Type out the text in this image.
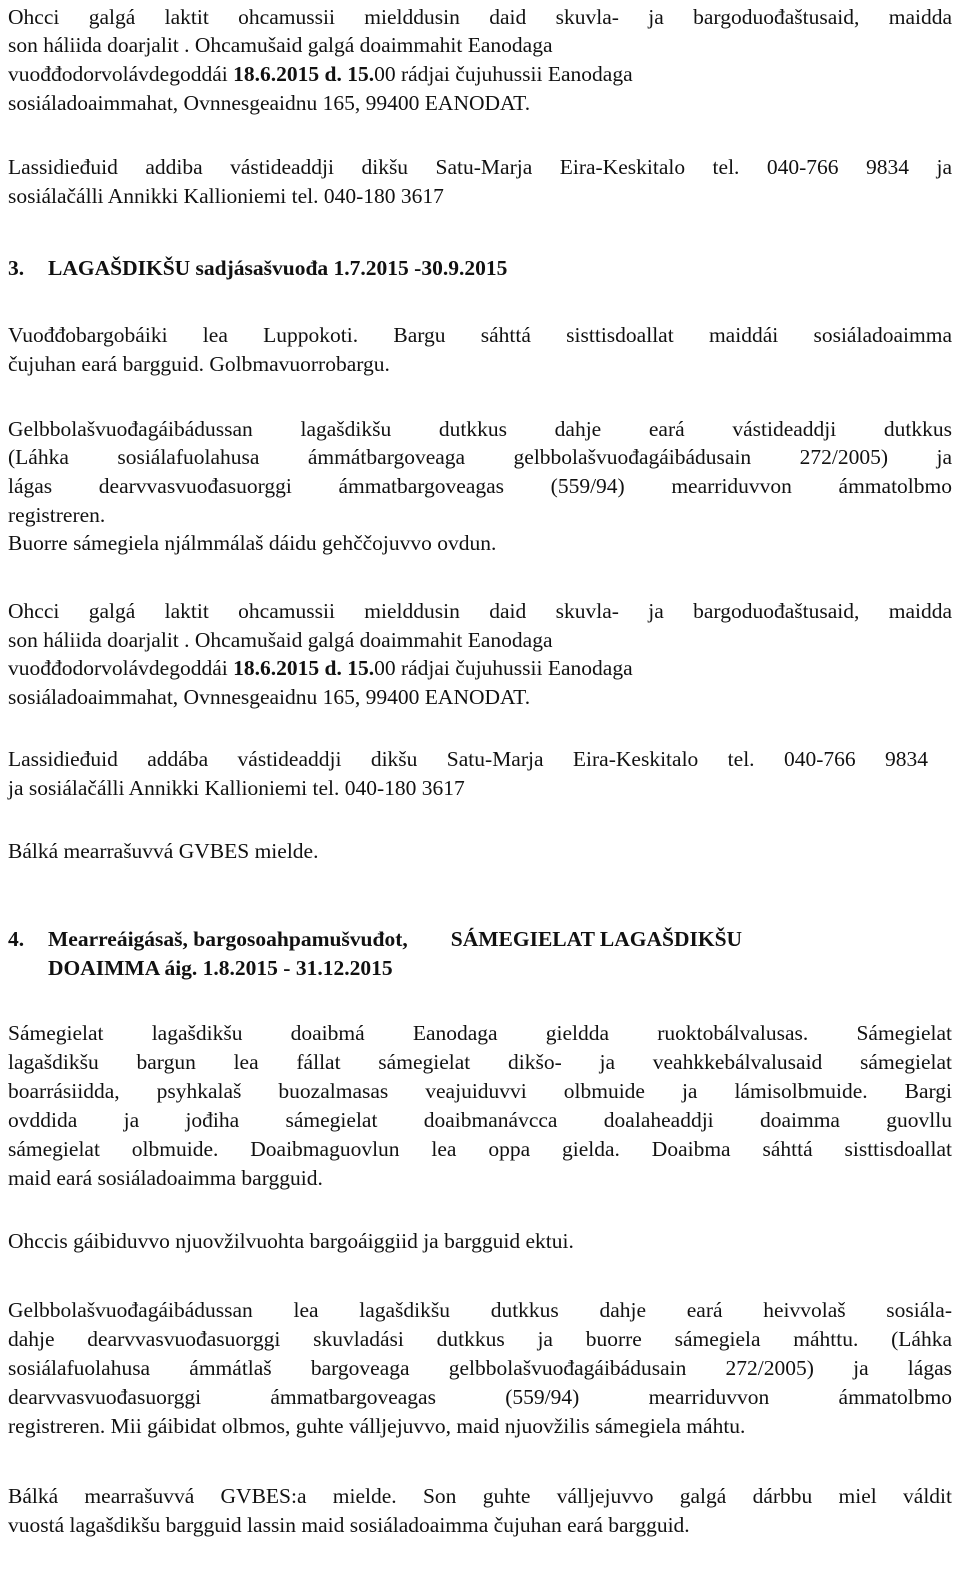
Ohcci galgá laktit ohcamussii mielddusin daid skuvla- ja bargoduođaštusaid, maidda
son háliida doarjalit . Ohcamušaid galgá doaimmahit Eanodaga
vuođđodorvolávdegoddái 18.6.2015 d. 15.00 rádjai čujuhussii Eanodaga
sosiáladoaimmahat, Ovnnesgeaidnu 165, 99400 EANODAT.
Lassidieđuid addiba vástideaddji dikšu Satu-Marja Eira-Keskitalo tel. 040-766 9834 ja
sosiálačálli Annikki Kallioniemi tel. 040-180 3617
3. LAGAŠDIKŠU sadjásašvuođa 1.7.2015 -30.9.2015
Vuođđobargobáiki lea Luppokoti. Bargu sáhttá sisttisdoallat maiddái sosiáladoaimma
čujuhan eará bargguid. Golbmavuorrobargu.
Gelbbolašvuođagáibádussan lagašdikšu dutkkus dahje eará vástideaddji dutkkus
(Láhka sosiálafuolahusa ámmátbargoveaga gelbbolašvuođagáibádusain 272/2005) ja
lágas dearvvasvuođasuorggi ámmatbargoveagas (559/94) mearriduvvon ámmatolbmo
registreren.
Buorre sámegiela njálmmálaš dáidu gehččojuvvo ovdun.
Ohcci galgá laktit ohcamussii mielddusin daid skuvla- ja bargoduođaštusaid, maidda
son háliida doarjalit . Ohcamušaid galgá doaimmahit Eanodaga
vuođđodorvolávdegoddái 18.6.2015 d. 15.00 rádjai čujuhussii Eanodaga
sosiáladoaimmahat, Ovnnesgeaidnu 165, 99400 EANODAT.
Lassidieđuid addába vástideaddji dikšu Satu-Marja Eira-Keskitalo tel. 040-766 9834
ja sosiálačálli Annikki Kallioniemi tel. 040-180 3617
Bálká mearrašuvvá GVBES mielde.
4. Mearreáigásaš, bargosoahpamušvuđot,        SÁMEGIELAT LAGAŠDIKŠU
DOAIMMA áig. 1.8.2015 - 31.12.2015
Sámegielat lagašdikšu doaibmá Eanodaga gieldda ruoktobálvalusas. Sámegielat
lagašdikšu bargun lea fállat sámegielat dikšo- ja veahkkebálvalusaid sámegielat
boarrásiidda, psyhkalaš buozalmasas veajuiduvvi olbmuide ja lámisolbmuide. Bargi
ovddida ja jođiha sámegielat doaibmanávcca doalaheaddji doaimma guovllu
sámegielat olbmuide. Doaibmaguovlun lea oppa gielda. Doaibma sáhttá sisttisdoallat
maid eará sosiáladoaimma bargguid.
Ohccis gáibiduvvo njuovžilvuohta bargoáiggiid ja bargguid ektui.
Gelbbolašvuođagáibádussan lea lagašdikšu dutkkus dahje eará heivvolaš sosiála-
dahje dearvvasvuođasuorggi skuvladási dutkkus ja buorre sámegiela máhttu. (Láhka
sosiálafuolahusa ámmátlaš bargoveaga gelbbolašvuođagáibádusain 272/2005) ja lágas
dearvvasvuođasuorggi ámmatbargoveagas (559/94) mearriduvvon ámmatolbmo
registreren. Mii gáibidat olbmos, guhte válljejuvvo, maid njuovžilis sámegiela máhtu.
Bálká mearrašuvvá GVBES:a mielde. Son guhte válljejuvvo galgá dárbbu miel váldit
vuostá lagašdikšu bargguid lassin maid sosiáladoaimma čujuhan eará bargguid.
